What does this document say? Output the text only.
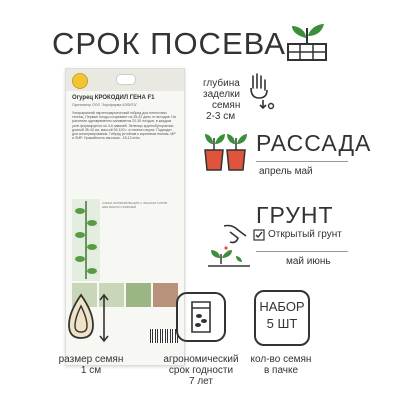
СРОК ПОСЕВА
Огурец КРОКОДИЛ ГЕНА F1
Оригинатор ООО "Агрофирма АЭЛИТА"
Ультраранний партенокарпический гибрид для пленочных теплиц. Первые плоды созревают на 35-42 день от всходов. На растении одновременно наливается 20-30 плодов, в каждом узле формируется по 4-6 завязей. Зеленцы крупнобугорчатые, длиной 35-40 см, массой 90-100 г, отличного вкуса. Подходит для консервирования. Гибрид устойчив к корневым гнилям, МР и ЛМР. Урожайность высокая - 18-12 кг/м².
СХЕМА ФОРМИРОВАНИЯ С ЗОНАМИ ТИПОВ ЦВЕТЕНИЯ И ЗАВЯЗЕЙ
глубина
заделки
семян
2-3 см
РАССАДА
апрель май
ГРУНТ
Открытый грунт
май июнь
размер семян
1 см
агрономический
срок годности
7 лет
НАБОР
5 ШТ
кол-во семян
в пачке
